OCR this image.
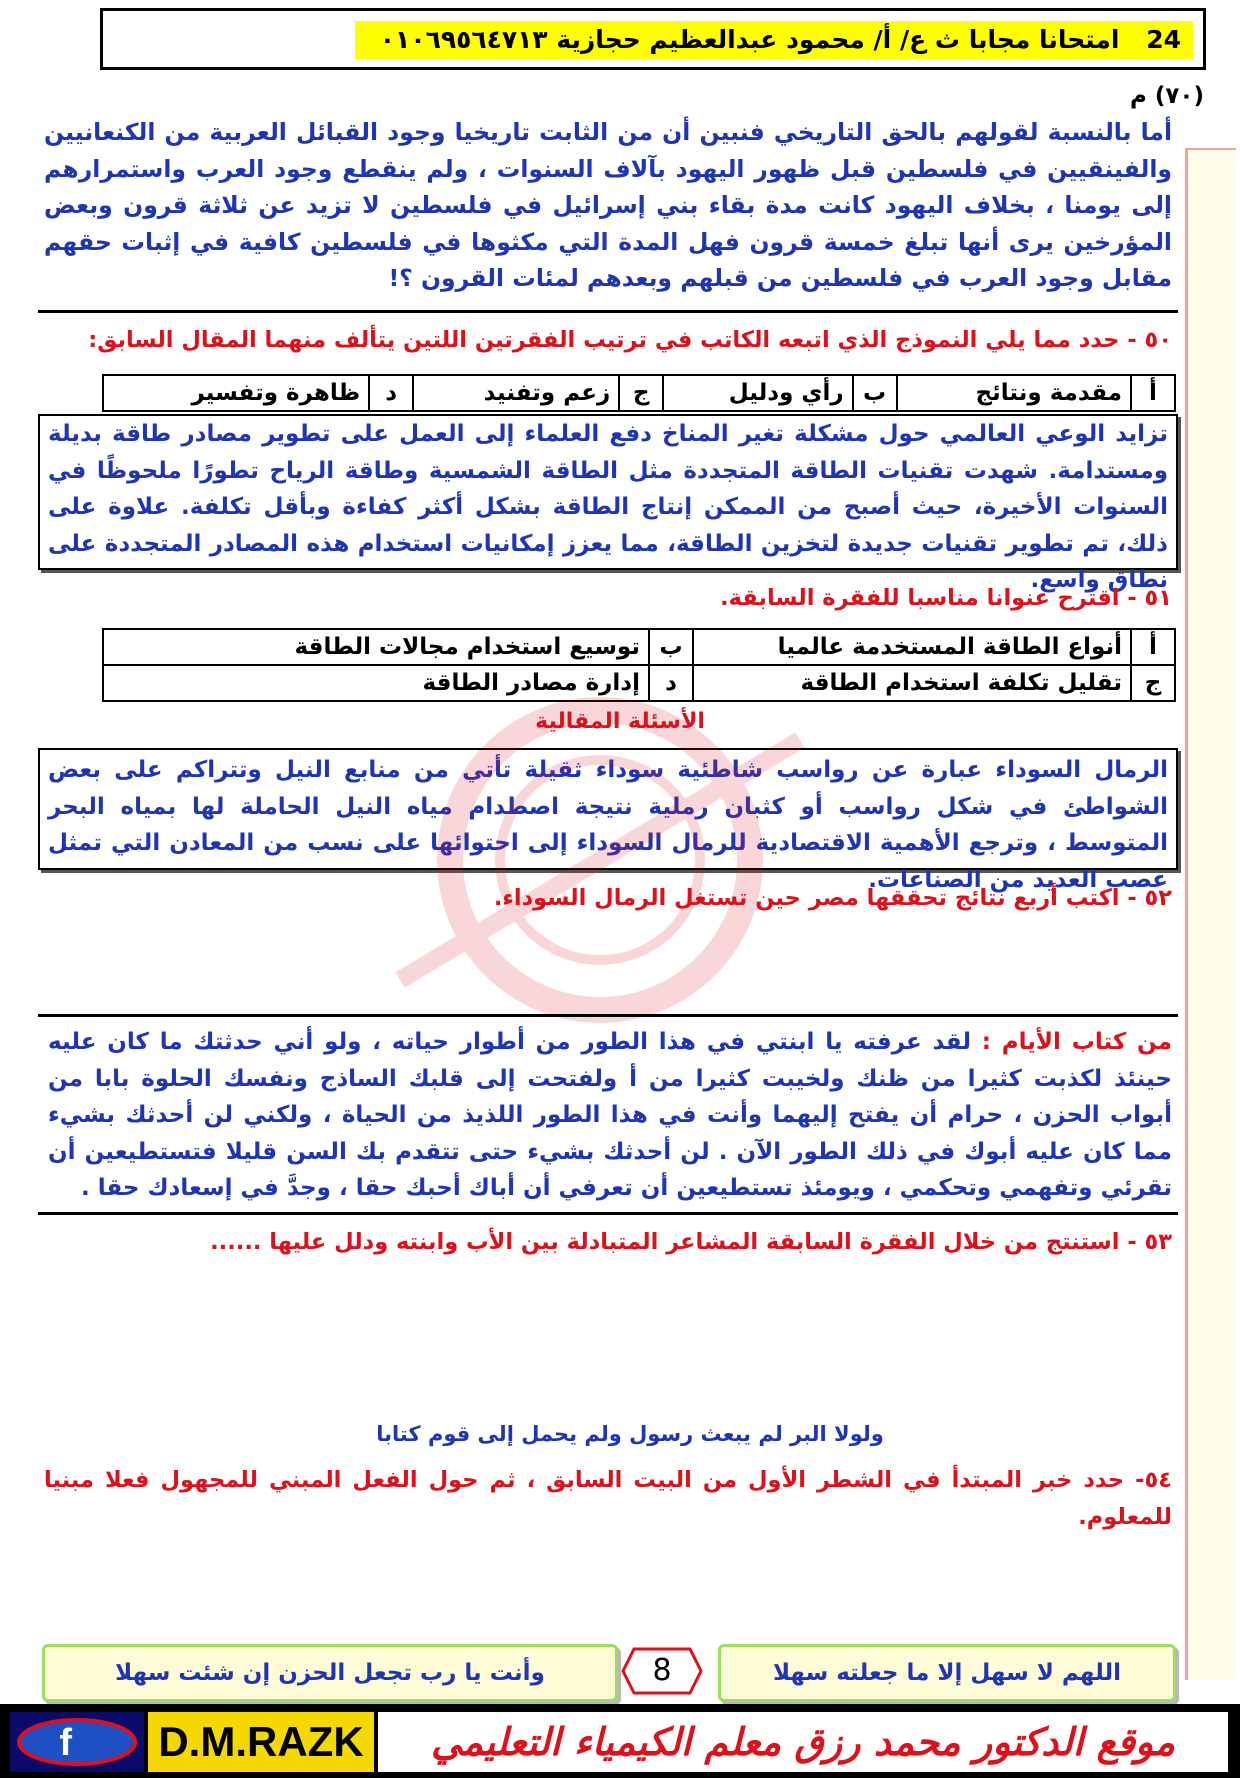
24 امتحانا مجابا ث ع/ أ/ محمود عبدالعظيم حجازية ٠١٠٦٩٥٦٤٧١٣
(٧٠) م
أما بالنسبة لقولهم بالحق التاريخي فنبين أن من الثابت تاريخيا وجود القبائل العربية من الكنعانيين والفينقيين في فلسطين قبل ظهور اليهود بآلاف السنوات ، ولم ينقطع وجود العرب واستمرارهم إلى يومنا ، بخلاف اليهود كانت مدة بقاء بني إسرائيل في فلسطين لا تزيد عن ثلاثة قرون وبعض المؤرخين يرى أنها تبلغ خمسة قرون فهل المدة التي مكثوها في فلسطين كافية في إثبات حقهم مقابل وجود العرب في فلسطين من قبلهم وبعدهم لمئات القرون ؟!
٥٠ - حدد مما يلي النموذج الذي اتبعه الكاتب في ترتيب الفقرتين اللتين يتألف منهما المقال السابق:
أ	مقدمة ونتائج	ب	رأي ودليل	ج	زعم وتفنيد	د	ظاهرة وتفسير
تزايد الوعي العالمي حول مشكلة تغير المناخ دفع العلماء إلى العمل على تطوير مصادر طاقة بديلة ومستدامة. شهدت تقنيات الطاقة المتجددة مثل الطاقة الشمسية وطاقة الرياح تطورًا ملحوظًا في السنوات الأخيرة، حيث أصبح من الممكن إنتاج الطاقة بشكل أكثر كفاءة وبأقل تكلفة. علاوة على ذلك، تم تطوير تقنيات جديدة لتخزين الطاقة، مما يعزز إمكانيات استخدام هذه المصادر المتجددة على نطاق واسع.
٥١ - اقترح عنوانا مناسبا للفقرة السابقة.
أ	أنواع الطاقة المستخدمة عالميا	ب	توسيع استخدام مجالات الطاقة
ج	تقليل تكلفة استخدام الطاقة	د	إدارة مصادر الطاقة
الأسئلة المقالية
الرمال السوداء عبارة عن رواسب شاطئية سوداء ثقيلة تأتي من منابع النيل وتتراكم على بعض الشواطئ في شكل رواسب أو كثبان رملية نتيجة اصطدام مياه النيل الحاملة لها بمياه البحر المتوسط ، وترجع الأهمية الاقتصادية للرمال السوداء إلى احتوائها على نسب من المعادن التي تمثل عصب العديد من الصناعات.
٥٢ - اكتب أربع نتائج تحققها مصر حين تستغل الرمال السوداء.
من كتاب الأيام : لقد عرفته يا ابنتي في هذا الطور من أطوار حياته ، ولو أني حدثتك ما كان عليه حينئذ لكذبت كثيرا من ظنك ولخيبت كثيرا من أ ولفتحت إلى قلبك الساذج ونفسك الحلوة بابا من أبواب الحزن ، حرام أن يفتح إليهما وأنت في هذا الطور اللذيذ من الحياة ، ولكني لن أحدثك بشيء مما كان عليه أبوك في ذلك الطور الآن . لن أحدثك بشيء حتى تتقدم بك السن قليلا فتستطيعين أن تقرئي وتفهمي وتحكمي ، ويومئذ تستطيعين أن تعرفي أن أباك أحبك حقا ، وجدَّ في إسعادك حقا .
٥٣ - استنتج من خلال الفقرة السابقة المشاعر المتبادلة بين الأب وابنته ودلل عليها ......
ولولا البر لم يبعث رسول ولم يحمل إلى قوم كتابا
٥٤- حدد خبر المبتدأ في الشطر الأول من البيت السابق ، ثم حول الفعل المبني للمجهول فعلا مبنيا للمعلوم.
اللهم لا سهل إلا ما جعلته سهلا
وأنت يا رب تجعل الحزن إن شئت سهلا	8
موقع الدكتور محمد رزق معلم الكيمياء التعليمي
D.M.RAZK
f
